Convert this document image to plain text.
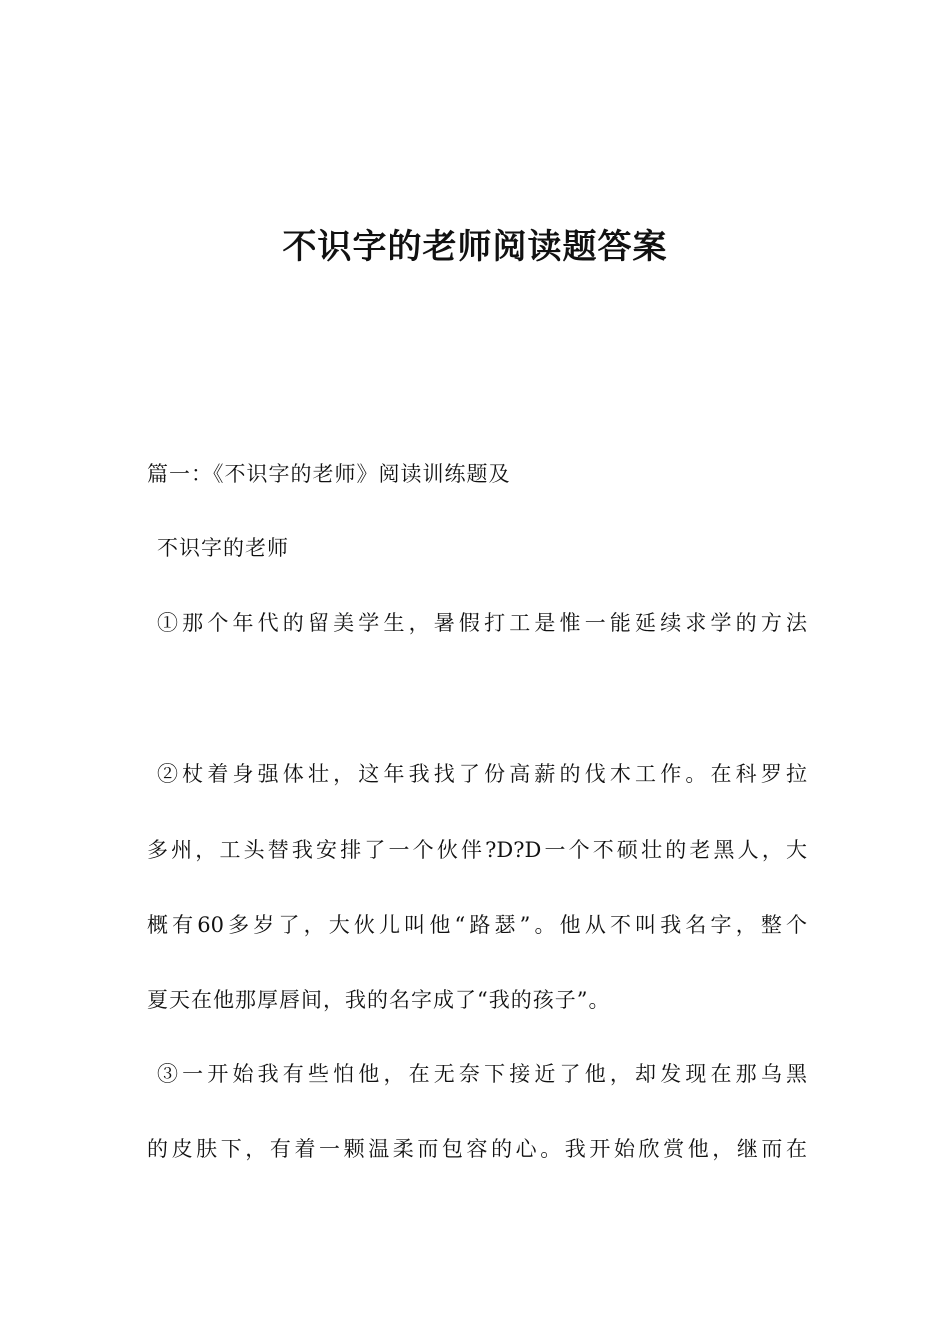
不识字的老师阅读题答案
篇一：《不识字的老师》阅读训练题及
不识字的老师
①那个年代的留美学生，暑假打工是惟一能延续求学的方法
②杖着身强体壮，这年我找了份高薪的伐木工作。在科罗拉
多州，工头替我安排了一个伙伴?D?D一个不硕壮的老黑人，大
概有60多岁了，大伙儿叫他“路瑟”。他从不叫我名字，整个
夏天在他那厚唇间，我的名字成了“我的孩子”。
③一开始我有些怕他，在无奈下接近了他，却发现在那乌黑
的皮肤下，有着一颗温柔而包容的心。我开始欣赏他，继而在
